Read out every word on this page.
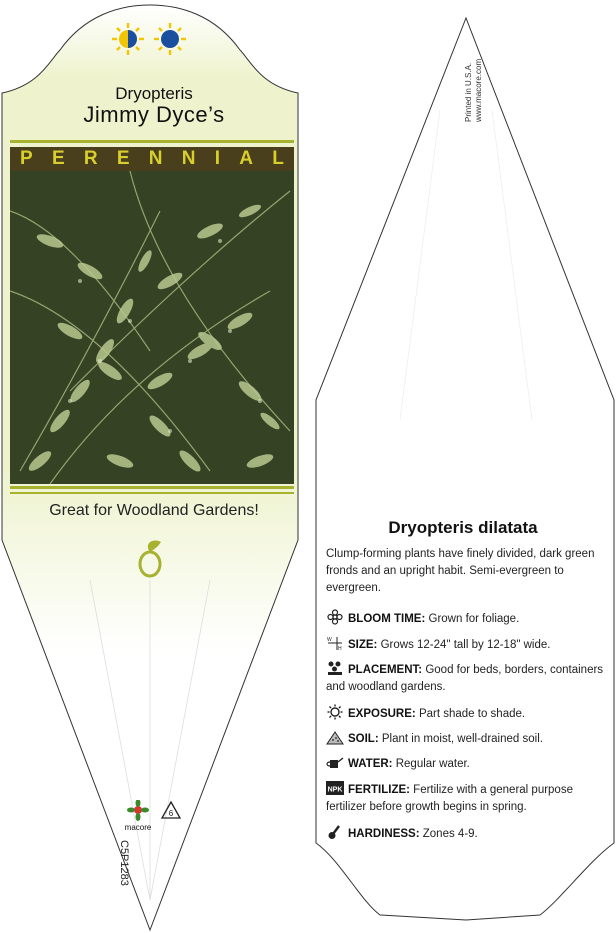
Dryopteris
Jimmy Dyce’s
P E R E N N I A L
Great for Woodland Gardens!
macore
6
C5P1283
Printed in U.S.A. www.macore.com
Dryopteris dilatata
Clump-forming plants have finely divided, dark green fronds and an upright habit. Semi-evergreen to evergreen.
BLOOM TIME: Grown for foliage.
W
H SIZE: Grows 12-24" tall by 12-18" wide.
PLACEMENT: Good for beds, borders, containers and woodland gardens.
EXPOSURE: Part shade to shade.
SOIL: Plant in moist, well-drained soil.
WATER: Regular water.
NPK FERTILIZE: Fertilize with a general purpose fertilizer before growth begins in spring.
HARDINESS: Zones 4-9.
